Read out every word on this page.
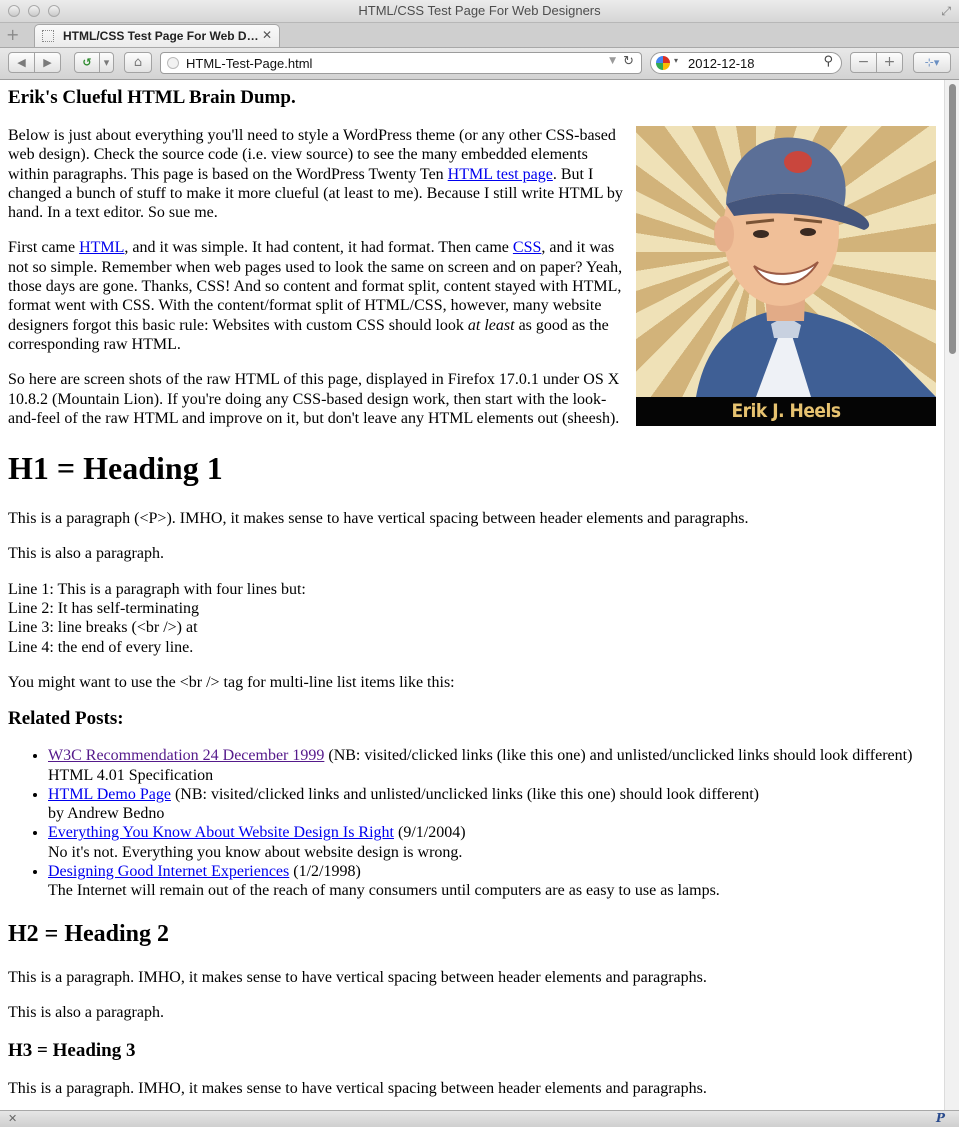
HTML/CSS Test Page For Web Designers	⤢
+	HTML/CSS Test Page For Web D… ✕
◀	▶	↺	▾	⌂	HTML-Test-Page.html	▼ ↻	▾ 2012-12-18	⚲	−	+	⊹▾
Erik's Clueful HTML Brain Dump.
Erik J. Heels

Below is just about everything you'll need to style a WordPress theme (or any other CSS-based web design). Check the source code (i.e. view source) to see the many embedded elements within paragraphs. This page is based on the WordPress Twenty Ten HTML test page. But I changed a bunch of stuff to make it more clueful (at least to me). Because I still write HTML by hand. In a text editor. So sue me.

First came HTML, and it was simple. It had content, it had format. Then came CSS, and it was not so simple. Remember when web pages used to look the same on screen and on paper? Yeah, those days are gone. Thanks, CSS! And so content and format split, content stayed with HTML, format went with CSS. With the content/format split of HTML/CSS, however, many website designers forgot this basic rule: Websites with custom CSS should look at least as good as the corresponding raw HTML.

So here are screen shots of the raw HTML of this page, displayed in Firefox 17.0.1 under OS X 10.8.2 (Mountain Lion). If you're doing any CSS-based design work, then start with the look-and-feel of the raw HTML and improve on it, but don't leave any HTML elements out (sheesh).

H1 = Heading 1

This is a paragraph (<P>). IMHO, it makes sense to have vertical spacing between header elements and paragraphs.

This is also a paragraph.

Line 1: This is a paragraph with four lines but:
Line 2: It has self-terminating
Line 3: line breaks (<br />) at
Line 4: the end of every line.

You might want to use the <br /> tag for multi-line list items like this:

Related Posts:
• W3C Recommendation 24 December 1999 (NB: visited/clicked links (like this one) and unlisted/unclicked links should look different)
HTML 4.01 Specification
• HTML Demo Page (NB: visited/clicked links and unlisted/unclicked links (like this one) should look different)
by Andrew Bedno
• Everything You Know About Website Design Is Right (9/1/2004)
No it's not. Everything you know about website design is wrong.
• Designing Good Internet Experiences (1/2/1998)
The Internet will remain out of the reach of many consumers until computers are as easy to use as lamps.
H2 = Heading 2

This is a paragraph. IMHO, it makes sense to have vertical spacing between header elements and paragraphs.

This is also a paragraph.

H3 = Heading 3

This is a paragraph. IMHO, it makes sense to have vertical spacing between header elements and paragraphs.

✕	P
